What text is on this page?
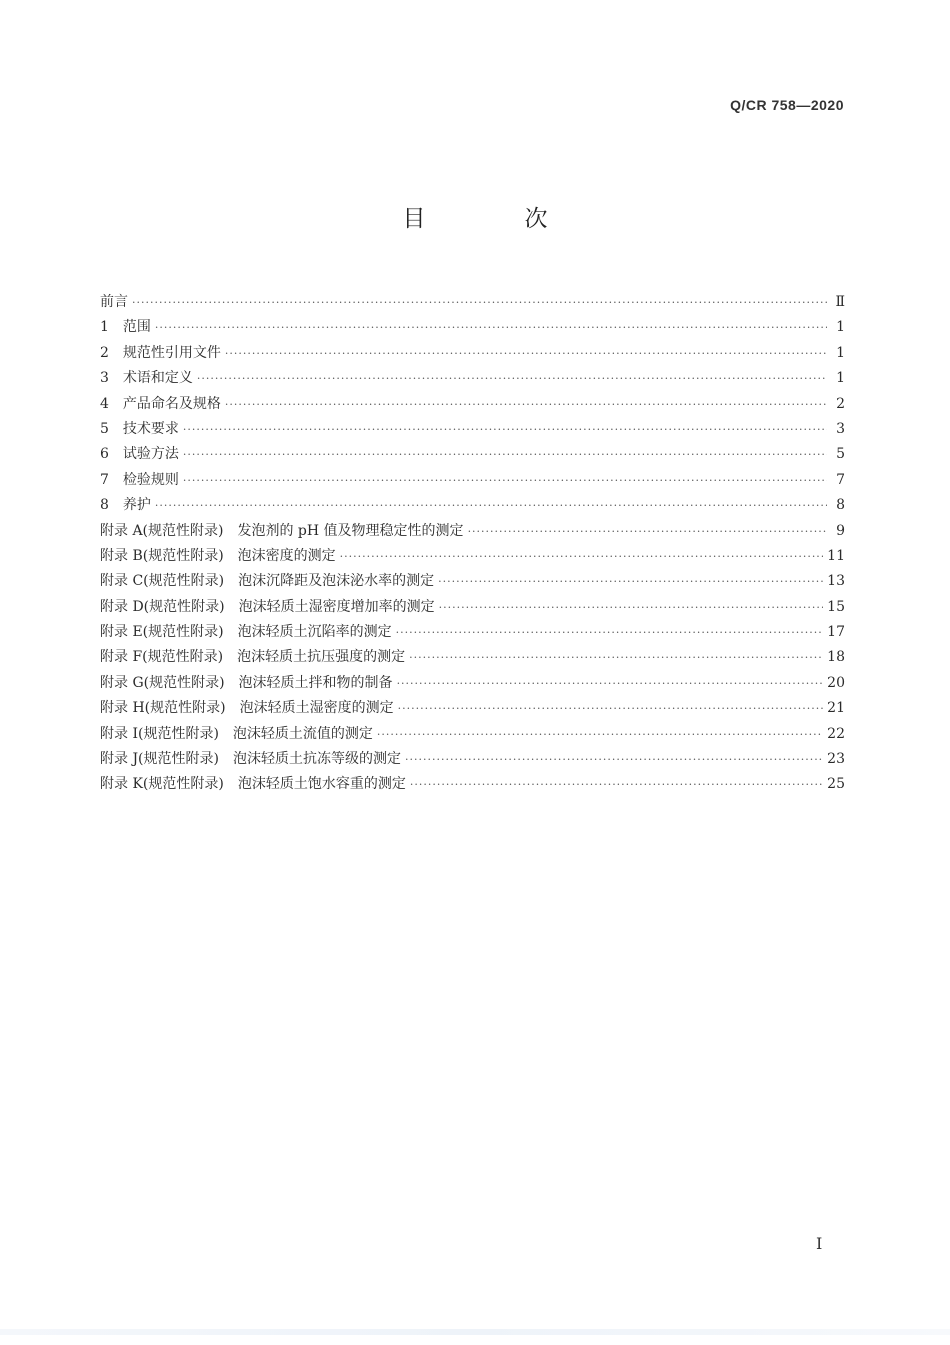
Q/CR 758—2020
目　次
前言 ·····	Ⅱ
1　范围 ·····	1
2　规范性引用文件 ·····	1
3　术语和定义 ·····	1
4　产品命名及规格 ·····	2
5　技术要求 ·····	3
6　试验方法 ·····	5
7　检验规则 ·····	7
8　养护 ·····	8
附录 A(规范性附录)　发泡剂的 pH 值及物理稳定性的测定 ·····	9
附录 B(规范性附录)　泡沫密度的测定 ·····	11
附录 C(规范性附录)　泡沫沉降距及泡沫泌水率的测定 ·····	13
附录 D(规范性附录)　泡沫轻质土湿密度增加率的测定 ·····	15
附录 E(规范性附录)　泡沫轻质土沉陷率的测定 ·····	17
附录 F(规范性附录)　泡沫轻质土抗压强度的测定 ·····	18
附录 G(规范性附录)　泡沫轻质土拌和物的制备 ·····	20
附录 H(规范性附录)　泡沫轻质土湿密度的测定 ·····	21
附录 I(规范性附录)　泡沫轻质土流值的测定 ·····	22
附录 J(规范性附录)　泡沫轻质土抗冻等级的测定 ·····	23
附录 K(规范性附录)　泡沫轻质土饱水容重的测定 ·····	25
Ⅰ
